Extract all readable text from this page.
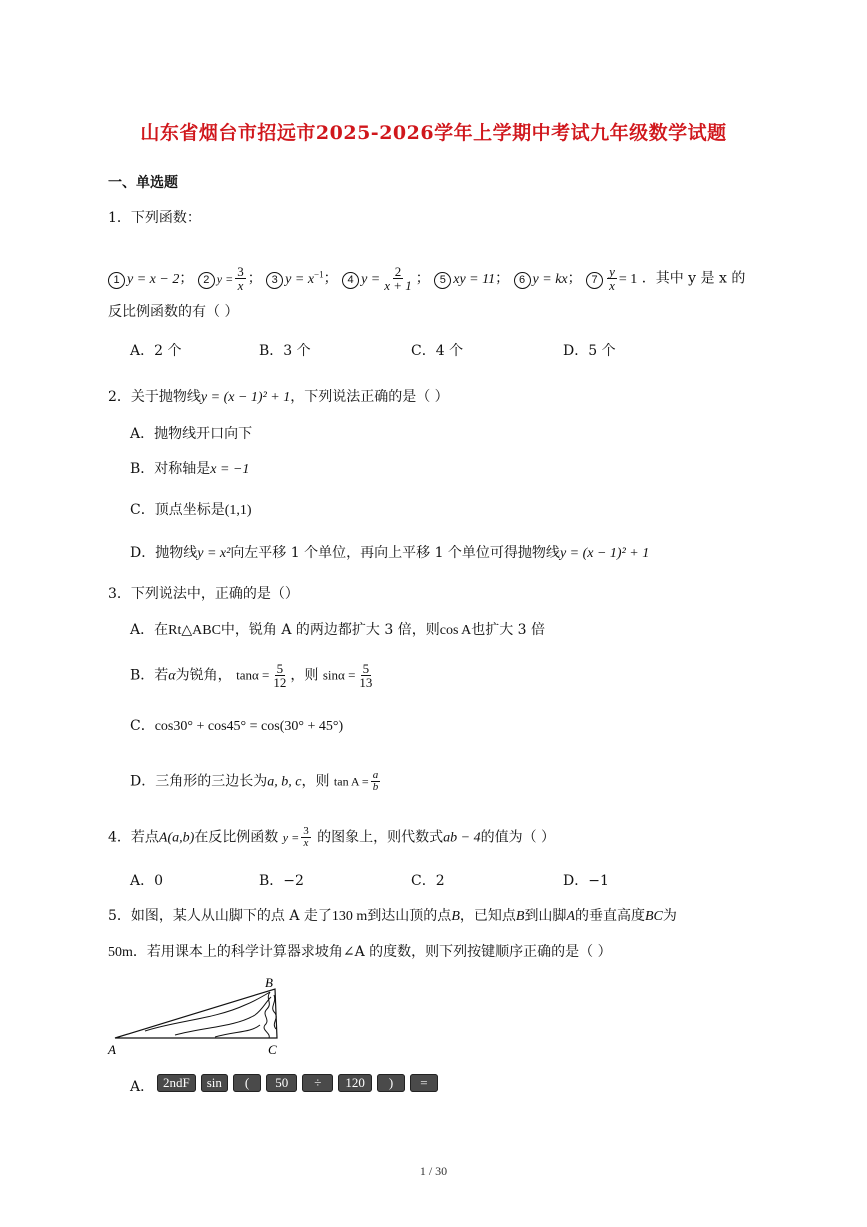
山东省烟台市招远市2025-2026学年上学期中考试九年级数学试题
一、单选题
1．下列函数：
1 y = x − 2； 2 $y = \frac{3}{x}$ ； 3 $y = x^{-1}$； 4 $y = \frac{2}{x + 1}$ ； 5 xy = 11； 6 y = kx； $7 \frac{y}{x} = 1$ ．其中 y 是 x 的
反比例函数的有（ ）
A．2 个	B．3 个	C．4 个	D．5 个
2．关于抛物线y = (x − 1)² + 1，下列说法正确的是（ ）
A．抛物线开口向下
B．对称轴是x = −1
C．顶点坐标是(1,1)
D．抛物线y = x²向左平移 1 个单位，再向上平移 1 个单位可得抛物线y = (x − 1)² + 1
3．下列说法中，正确的是（）
A．在Rt△ABC中，锐角 A 的两边都扩大 3 倍，则cos A也扩大 3 倍
B．若α为锐角， $\tan\alpha = \frac{5}{12}$ ，则 $\sin\alpha = \frac{5}{13}$
C．cos30° + cos45° = cos(30° + 45°)
D．三角形的三边长为a, b, c，则 $\tan A = \frac{a}{b}$
4．若点A(a,b)在反比例函数 $y = \frac{3}{x}$ 的图象上，则代数式ab − 4的值为（ ）
A．0	B．−2	C．2	D．−1
5．如图，某人从山脚下的点 A 走了130 m到达山顶的点B，已知点B到山脚A的垂直高度BC为
50m．若用课本上的科学计算器求坡角∠A 的度数，则下列按键顺序正确的是（ ）
A
B
C
A． 2ndF sin ( 50 ÷ 120 ) =
1 / 30
